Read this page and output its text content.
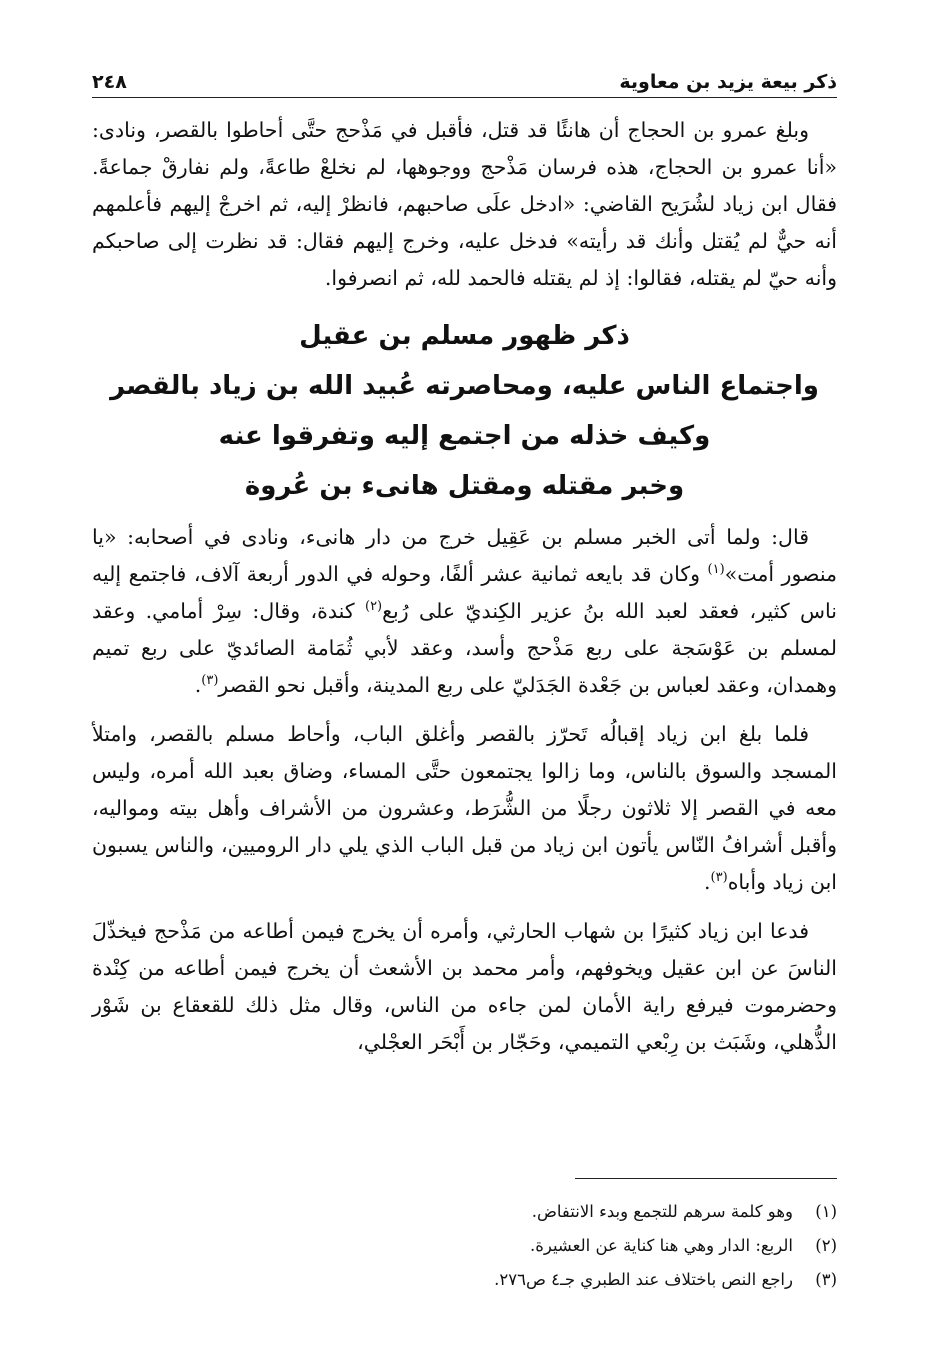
ذكر بيعة يزيد بن معاوية
٢٤٨

وبلغ عمرو بن الحجاج أن هانئًا قد قتل، فأقبل في مَذْحج حتَّى أحاطوا بالقصر، ونادى: «أنا عمرو بن الحجاج، هذه فرسان مَذْحج ووجوهها، لم نخلعْ طاعةً، ولم نفارقْ جماعةً. فقال ابن زياد لشُرَيح القاضي: «ادخل علَى صاحبهم، فانظرْ إليه، ثم اخرجْ إليهم فأعلمهم أنه حيٌّ لم يُقتل وأنك قد رأيته» فدخل عليه، وخرج إليهم فقال: قد نظرت إلى صاحبكم وأنه حيّ لم يقتله، فقالوا: إذ لم يقتله فالحمد لله، ثم انصرفوا.

ذكر ظهور مسلم بن عقيل
واجتماع الناس عليه، ومحاصرته عُبيد الله بن زياد بالقصر
وكيف خذله من اجتمع إليه وتفرقوا عنه
وخبر مقتله ومقتل هانىء بن عُروة

قال: ولما أتى الخبر مسلم بن عَقِيل خرج من دار هانىء، ونادى في أصحابه: «يا منصور أمت»$^{(١)}$ وكان قد بايعه ثمانية عشر ألفًا، وحوله في الدور أربعة آلاف، فاجتمع إليه ناس كثير، فعقد لعبد الله بنُ عزير الكِنديّ على رُبع$^{(٢)}$ كندة، وقال: سِرْ أمامي. وعقد لمسلم بن عَوْسَجة على ربع مَذْحج وأسد، وعقد لأبي ثُمَامة الصائديّ على ربع تميم وهمدان، وعقد لعباس بن جَعْدة الجَدَليّ على ربع المدينة، وأقبل نحو القصر$^{(٣)}$.

فلما بلغ ابن زياد إقبالُه تَحرّز بالقصر وأغلق الباب، وأحاط مسلم بالقصر، وامتلأ المسجد والسوق بالناس، وما زالوا يجتمعون حتَّى المساء، وضاق بعبد الله أمره، وليس معه في القصر إلا ثلاثون رجلًا من الشُّرَط، وعشرون من الأشراف وأهل بيته ومواليه، وأقبل أشرافُ النّاس يأتون ابن زياد من قبل الباب الذي يلي دار الروميين، والناس يسبون ابن زياد وأباه$^{(٣)}$.

فدعا ابن زياد كثيرًا بن شهاب الحارثي، وأمره أن يخرج فيمن أطاعه من مَذْحج فيخذّلَ الناسَ عن ابن عقيل ويخوفهم، وأمر محمد بن الأشعث أن يخرج فيمن أطاعه من كِنْدة وحضرموت فيرفع راية الأمان لمن جاءه من الناس، وقال مثل ذلك للقعقاع بن شَوْر الذُّهلي، وشَبَث بن رِبْعي التميمي، وحَجّار بن أَبْحَر العجْلي،

(١)
وهو كلمة سرهم للتجمع وبدء الانتفاض.
(٢)
الربع: الدار وهي هنا كناية عن العشيرة.
(٣)
راجع النص باختلاف عند الطبري جـ٤ ص٢٧٦.
